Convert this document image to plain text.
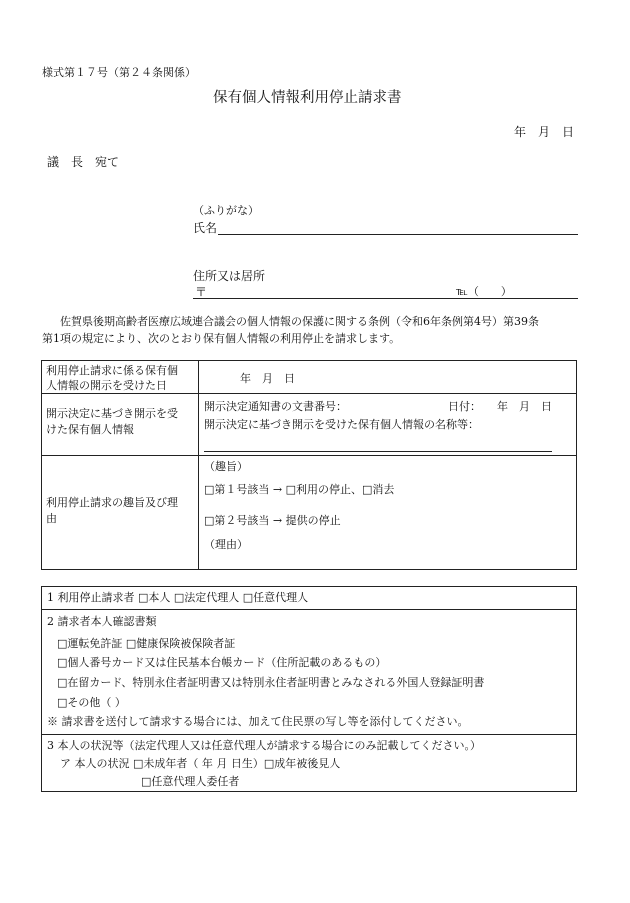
様式第１７号（第２４条関係）
保有個人情報利用停止請求書
年　月　日
議　長　宛て
（ふりがな）
氏名
住所又は居所
〒	℡（　　）
佐賀県後期高齢者医療広域連合議会の個人情報の保護に関する条例（令和6年条例第4号）第39条
第1項の規定により、次のとおり保有個人情報の利用停止を請求します。
利用停止請求に係る保有個
人情報の開示を受けた日
年　月　日
開示決定に基づき開示を受
けた保有個人情報
開示決定通知書の文書番号：	日付： 年　月　日
開示決定に基づき開示を受けた保有個人情報の名称等：
利用停止請求の趣旨及び理
由
（趣旨）
□第１号該当 → □利用の停止、□消去
□第２号該当 → 提供の停止
（理由）
1 利用停止請求者 □本人 □法定代理人 □任意代理人
2 請求者本人確認書類
□運転免許証 □健康保険被保険者証
□個人番号カード又は住民基本台帳カード（住所記載のあるもの）
□在留カード、特別永住者証明書又は特別永住者証明書とみなされる外国人登録証明書
□その他（ ）
※ 請求書を送付して請求する場合には、加えて住民票の写し等を添付してください。
3 本人の状況等（法定代理人又は任意代理人が請求する場合にのみ記載してください。）
ア 本人の状況 □未成年者（ 年 月 日生）□成年被後見人
□任意代理人委任者
